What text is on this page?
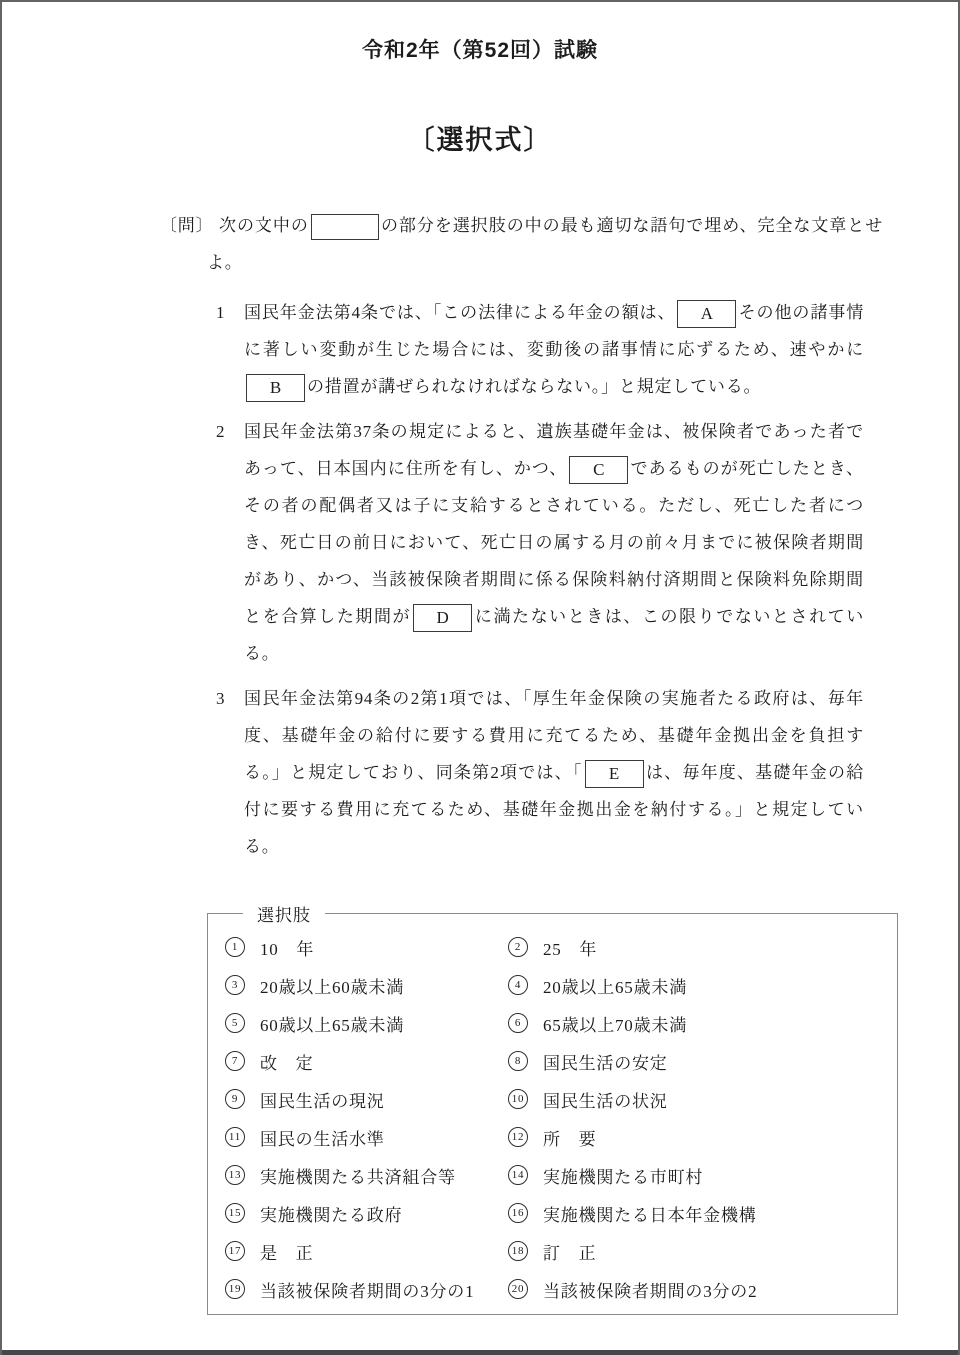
令和2年（第52回）試験
〔選択式〕
〔問〕 次の文中の	の部分を選択肢の中の最も適切な語句で埋め、完全な文章とせよ。
1	国民年金法第4条では、「この法律による年金の額は、 A その他の諸事情に著しい変動が生じた場合には、変動後の諸事情に応ずるため、速やかにB の措置が講ぜられなければならない。」と規定している。
2	国民年金法第37条の規定によると、遺族基礎年金は、被保険者であった者であって、日本国内に住所を有し、かつ、 C であるものが死亡したとき、その者の配偶者又は子に支給するとされている。ただし、死亡した者につき、死亡日の前日において、死亡日の属する月の前々月までに被保険者期間があり、かつ、当該被保険者期間に係る保険料納付済期間と保険料免除期間とを合算した期間が D に満たないときは、この限りでないとされている。
3	国民年金法第94条の2第1項では、「厚生年金保険の実施者たる政府は、毎年度、基礎年金の給付に要する費用に充てるため、基礎年金拠出金を負担する。」と規定しており、同条第2項では、「 E は、毎年度、基礎年金の給付に要する費用に充てるため、基礎年金拠出金を納付する。」と規定している。
選択肢
1	10　年	2	25　年
3	20歳以上60歳未満	4	20歳以上65歳未満
5	60歳以上65歳未満	6	65歳以上70歳未満
7	改　定	8	国民生活の安定
9	国民生活の現況	10 国民生活の状況
11 国民の生活水準	12 所　要
13 実施機関たる共済組合等	14 実施機関たる市町村
15 実施機関たる政府	16 実施機関たる日本年金機構
17 是　正	18 訂　正
19 当該被保険者期間の3分の1	20 当該被保険者期間の3分の2
